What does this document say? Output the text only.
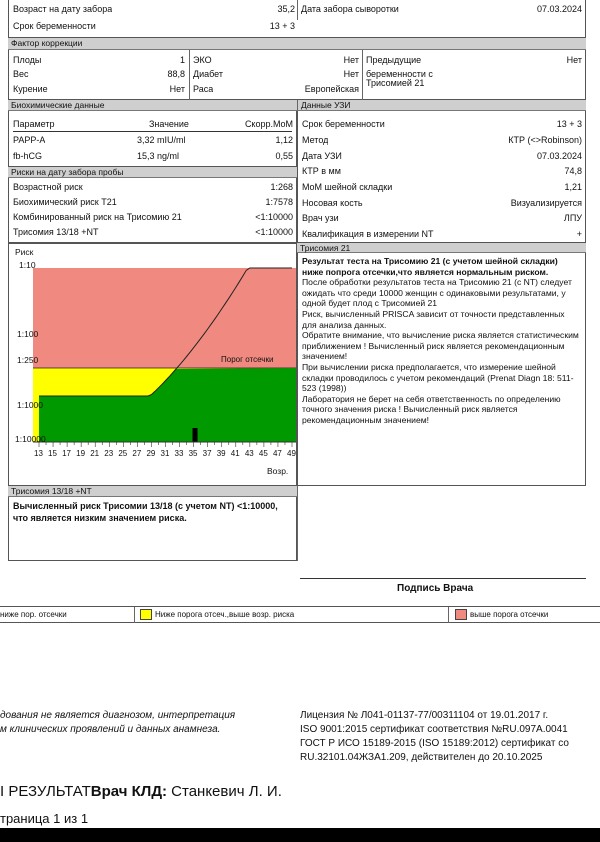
Возраст на дату забора	35,2 Дата забора сыворотки	07.03.2024
Срок беременности	13 + 3
Фактор коррекции
Плоды	1 ЭКО	Нет Предыдущие	Нет
Вес	88,8 Диабет	Нет беременности с
Курение	Нет Раса	Европейская
Трисомией 21
Биохимические данные	Данные УЗИ
Параметр	Значение	Скорр.MoM
PAPP-A	3,32 mIU/ml	1,12
fb-hCG	15,3 ng/ml	0,55
Риски на дату забора пробы
Возрастной риск	1:268
Биохимический риск T21	1:7578
Комбинированный риск на Трисомию 21	<1:10000
Трисомия 13/18 +NT	<1:10000
Срок беременности	13 + 3
Метод	КТР (<>Robinson)
Дата УЗИ	07.03.2024
КТР в мм	74,8
MoM шейной складки	1,21
Носовая кость	Визуализируется
Врач узи	ЛПУ
Квалификация в измерении NT	+
Риск
1:10
1:100
1:250
1:1000
1:10000
Порог отсечки
13 15 17 19 21 23 25 27 29 31 33 35 37 39 41 43 45 47 49
Возр.
Трисомия 21
Результат теста на Трисомию 21 (с учетом шейной складки) ниже попрога отсечки,что является нормальным риском.
После обработки результатов теста на Трисомию 21 (с NT) следует ожидать что среди 10000 женщин с одинаковыми результатами, у одной будет плод с Трисомией 21
Риск, вычисленный PRISCA зависит от точности представленных для анализа данных.
Обратите внимание, что вычисление риска является статистическим приближением ! Вычисленный риск является рекомендационным значением!
При вычислении риска предполагается, что измерение шейной складки проводилось с учетом рекомендаций (Prenat Diagn 18: 511-523 (1998))
Лаборатория не берет на себя ответственность по определению точного значения риска ! Вычисленный риск является рекомендационным значением!
Трисомия 13/18 +NT
Вычисленный риск Трисомии 13/18 (с учетом NT) <1:10000, что является низким значением риска.
Подпись Врача
ниже пор. отсечки	Ниже порога отсеч.,выше возр. риска	выше порога отсечки
дования не является диагнозом, интерпретация
м клинических проявлений и данных анамнеза.
Лицензия № Л041-01137-77/00311104 от 19.01.2017 г.
ISO 9001:2015 сертификат соответствия №RU.097A.0041
ГОСТ Р ИСО 15189-2015 (ISO 15189:2012) сертификат со
RU.32101.04ЖЗА1.209, действителен до 20.10.2025
I РЕЗУЛЬТАТВрач КЛД: Станкевич Л. И.
траница 1 из 1
